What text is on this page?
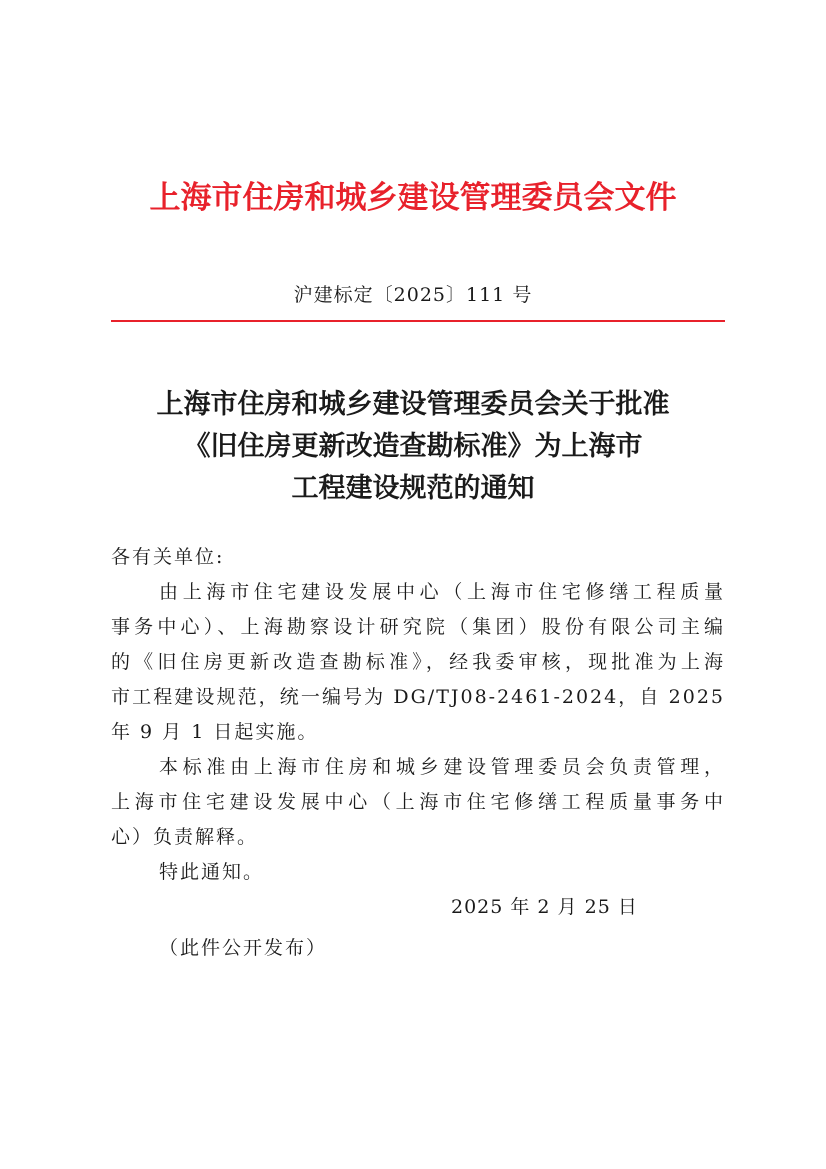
上海市住房和城乡建设管理委员会文件
沪建标定〔2025〕111 号
上海市住房和城乡建设管理委员会关于批准
《旧住房更新改造查勘标准》为上海市
工程建设规范的通知
各有关单位:
由上海市住宅建设发展中心（上海市住宅修缮工程质量
事务中心）、上海勘察设计研究院（集团）股份有限公司主编
的《旧住房更新改造查勘标准》，经我委审核，现批准为上海
市工程建设规范，统一编号为 DG/TJ08-2461-2024，自 2025
年 9 月 1 日起实施。
本标准由上海市住房和城乡建设管理委员会负责管理，
上海市住宅建设发展中心（上海市住宅修缮工程质量事务中
心）负责解释。
特此通知。
2025 年 2 月 25 日
（此件公开发布）
